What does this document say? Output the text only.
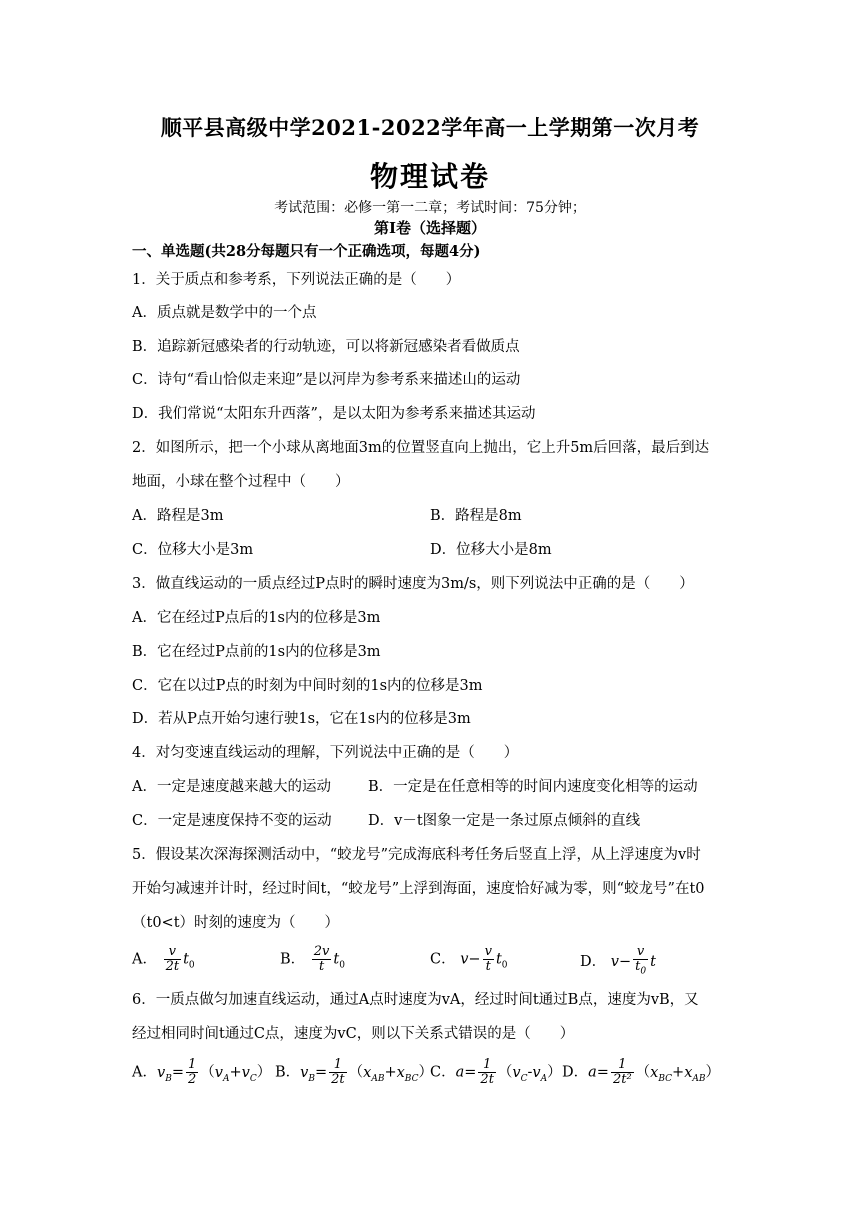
顺平县高级中学2021-2022学年高一上学期第一次月考
物理试卷
考试范围：必修一第一二章；考试时间：75分钟；
第Ⅰ卷（选择题）
一、单选题(共28分每题只有一个正确选项，每题4分)
1．关于质点和参考系，下列说法正确的是（　　）
A．质点就是数学中的一个点
B．追踪新冠感染者的行动轨迹，可以将新冠感染者看做质点
C．诗句“看山恰似走来迎”是以河岸为参考系来描述山的运动
D．我们常说“太阳东升西落”，是以太阳为参考系来描述其运动
2．如图所示，把一个小球从离地面3m的位置竖直向上抛出，它上升5m后回落，最后到达
地面，小球在整个过程中（　　）
A．路程是3m	B．路程是8m
C．位移大小是3m	D．位移大小是8m
3．做直线运动的一质点经过P点时的瞬时速度为3m/s，则下列说法中正确的是（　　）
A．它在经过P点后的1s内的位移是3m
B．它在经过P点前的1s内的位移是3m
C．它在以过P点的时刻为中间时刻的1s内的位移是3m
D．若从P点开始匀速行驶1s，它在1s内的位移是3m
4．对匀变速直线运动的理解，下列说法中正确的是（　　）
A．一定是速度越来越大的运动	B．一定是在任意相等的时间内速度变化相等的运动
C．一定是速度保持不变的运动	D．v－t图象一定是一条过原点倾斜的直线
5．假设某次深海探测活动中，“蛟龙号”完成海底科考任务后竖直上浮，从上浮速度为v时
开始匀减速并计时，经过时间t，“蛟龙号”上浮到海面，速度恰好减为零，则“蛟龙号”在t0
（t0<t）时刻的速度为（　　）
A． $\frac{v}{2t} t_0$	B． $\frac{2v}{t} t_0$	C． $v- \frac{v}{t} t_0$	D． $v- \frac{v}{t_0}$ t
6．一质点做匀加速直线运动，通过A点时速度为vA，经过时间t通过B点，速度为vB，又
经过相同时间t通过C点，速度为vC，则以下关系式错误的是（　　）
A．$v_B= \frac{1}{2} (v_A+v_C)$ B．$v_B= \frac{1}{2t} (x_{AB}+x_{BC})$
C．$a= \frac{1}{2t} (v_C-v_A)$ D．$a= \frac{1}{\text{2t²}} (x_{BC}+x_{AB})$
